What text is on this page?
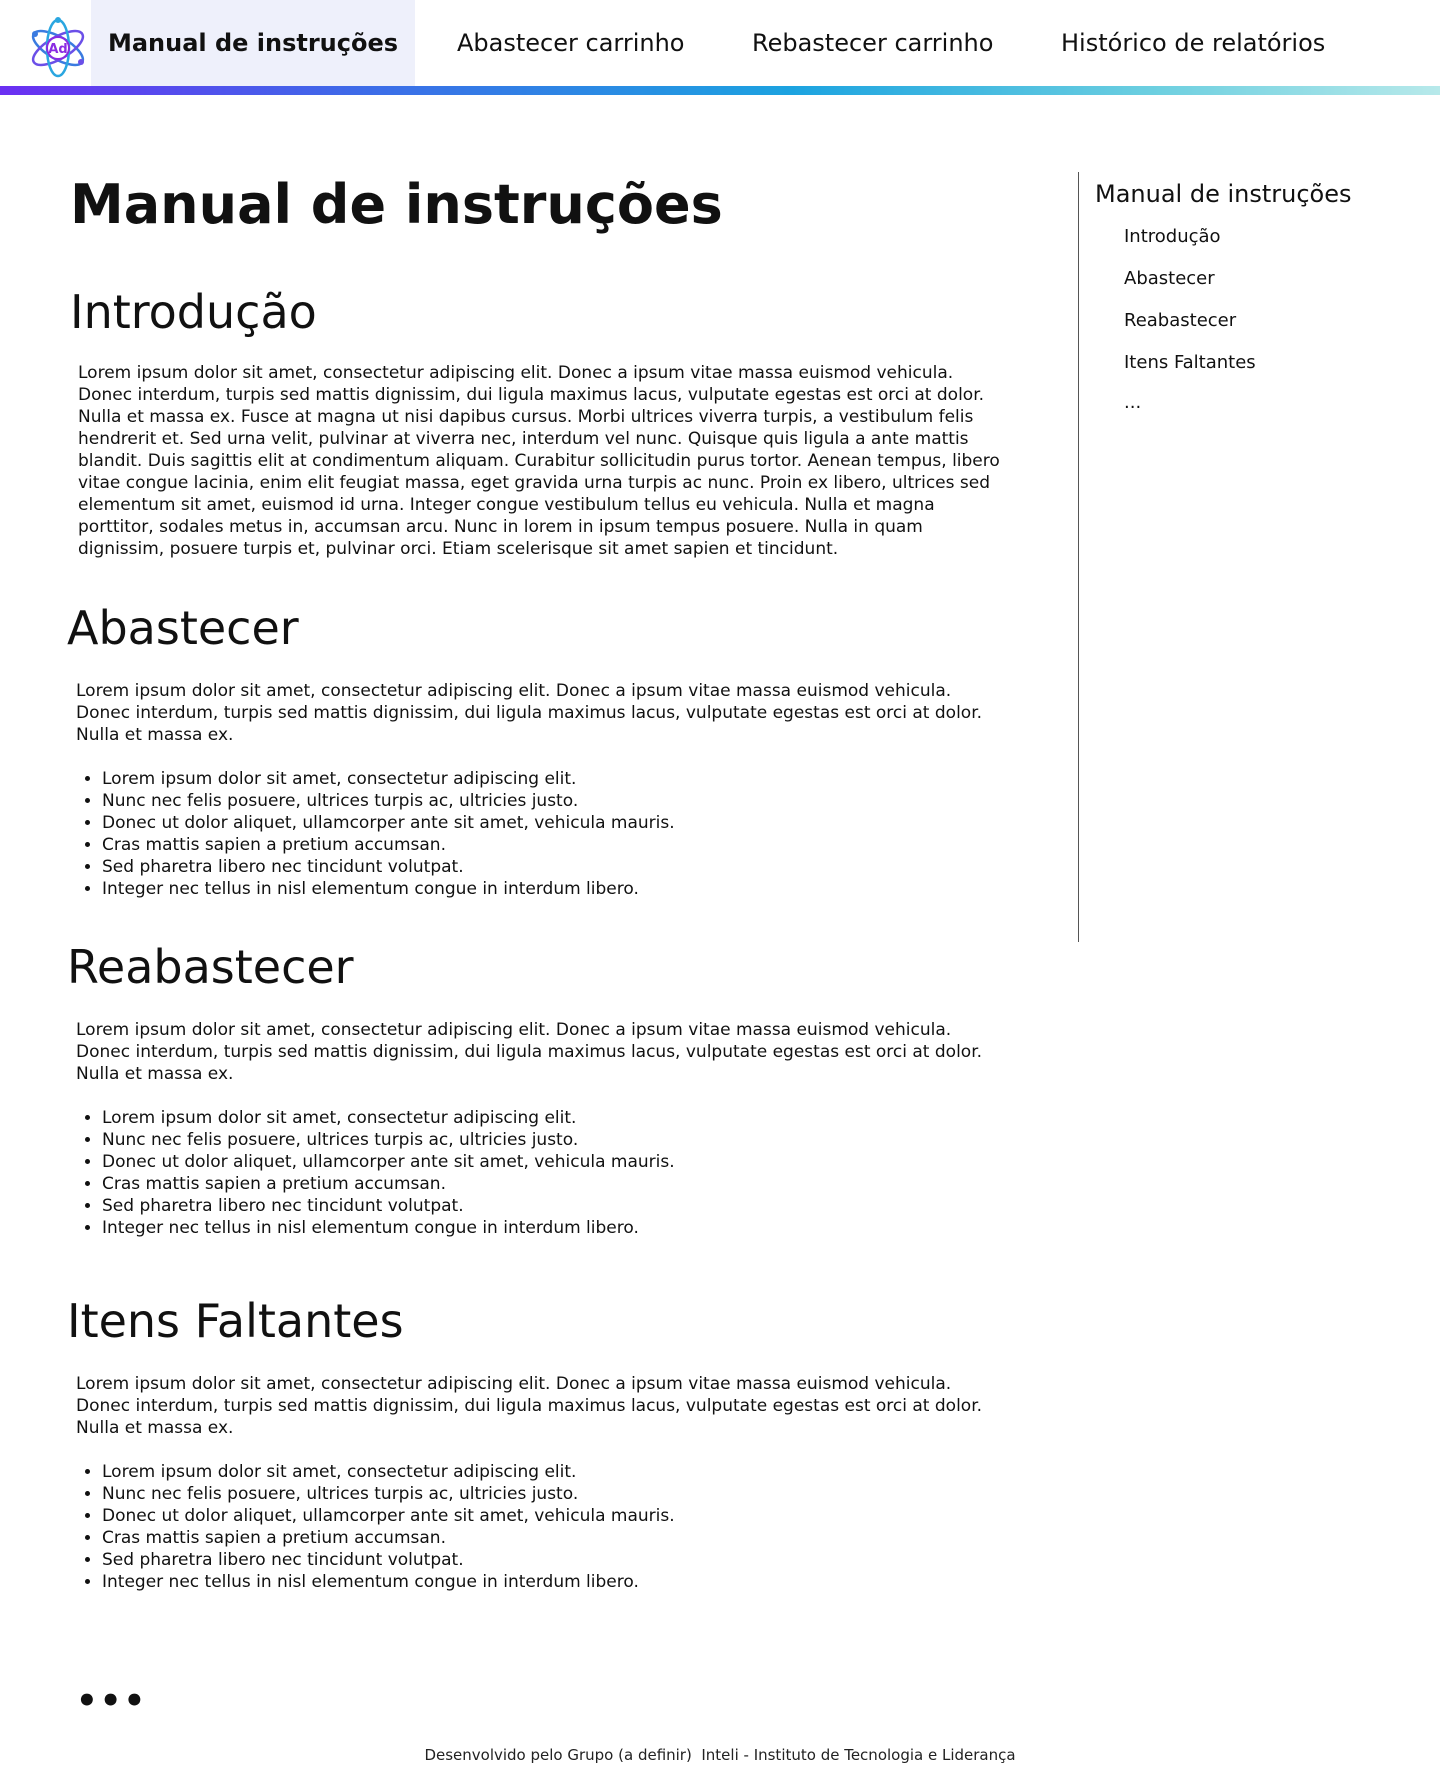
Ad Manual de instruções Abastecer carrinho	Rebastecer carrinho	Histórico de relatórios
Manual de instruções
Introdução

Lorem ipsum dolor sit amet, consectetur adipiscing elit. Donec a ipsum vitae massa euismod vehicula. Donec interdum, turpis sed mattis dignissim, dui ligula maximus lacus, vulputate egestas est orci at dolor. Nulla et massa ex. Fusce at magna ut nisi dapibus cursus. Morbi ultrices viverra turpis, a vestibulum felis hendrerit et. Sed urna velit, pulvinar at viverra nec, interdum vel nunc. Quisque quis ligula a ante mattis blandit. Duis sagittis elit at condimentum aliquam. Curabitur sollicitudin purus tortor. Aenean tempus, libero vitae congue lacinia, enim elit feugiat massa, eget gravida urna turpis ac nunc. Proin ex libero, ultrices sed elementum sit amet, euismod id urna. Integer congue vestibulum tellus eu vehicula. Nulla et magna porttitor, sodales metus in, accumsan arcu. Nunc in lorem in ipsum tempus posuere. Nulla in quam dignissim, posuere turpis et, pulvinar orci. Etiam scelerisque sit amet sapien et tincidunt.

Abastecer

Lorem ipsum dolor sit amet, consectetur adipiscing elit. Donec a ipsum vitae massa euismod vehicula. Donec interdum, turpis sed mattis dignissim, dui ligula maximus lacus, vulputate egestas est orci at dolor. Nulla et massa ex.

• Lorem ipsum dolor sit amet, consectetur adipiscing elit.
• Nunc nec felis posuere, ultrices turpis ac, ultricies justo.
• Donec ut dolor aliquet, ullamcorper ante sit amet, vehicula mauris.
• Cras mattis sapien a pretium accumsan.
• Sed pharetra libero nec tincidunt volutpat.
• Integer nec tellus in nisl elementum congue in interdum libero.
Reabastecer

Lorem ipsum dolor sit amet, consectetur adipiscing elit. Donec a ipsum vitae massa euismod vehicula. Donec interdum, turpis sed mattis dignissim, dui ligula maximus lacus, vulputate egestas est orci at dolor. Nulla et massa ex.

• Lorem ipsum dolor sit amet, consectetur adipiscing elit.
• Nunc nec felis posuere, ultrices turpis ac, ultricies justo.
• Donec ut dolor aliquet, ullamcorper ante sit amet, vehicula mauris.
• Cras mattis sapien a pretium accumsan.
• Sed pharetra libero nec tincidunt volutpat.
• Integer nec tellus in nisl elementum congue in interdum libero.
Itens Faltantes

Lorem ipsum dolor sit amet, consectetur adipiscing elit. Donec a ipsum vitae massa euismod vehicula. Donec interdum, turpis sed mattis dignissim, dui ligula maximus lacus, vulputate egestas est orci at dolor. Nulla et massa ex.

• Lorem ipsum dolor sit amet, consectetur adipiscing elit.
• Nunc nec felis posuere, ultrices turpis ac, ultricies justo.
• Donec ut dolor aliquet, ullamcorper ante sit amet, vehicula mauris.
• Cras mattis sapien a pretium accumsan.
• Sed pharetra libero nec tincidunt volutpat.
• Integer nec tellus in nisl elementum congue in interdum libero.
•••
Manual de instruções
Introdução
Abastecer
Reabastecer
Itens Faltantes
...
Desenvolvido pelo Grupo (a definir)  Inteli - Instituto de Tecnologia e Liderança
